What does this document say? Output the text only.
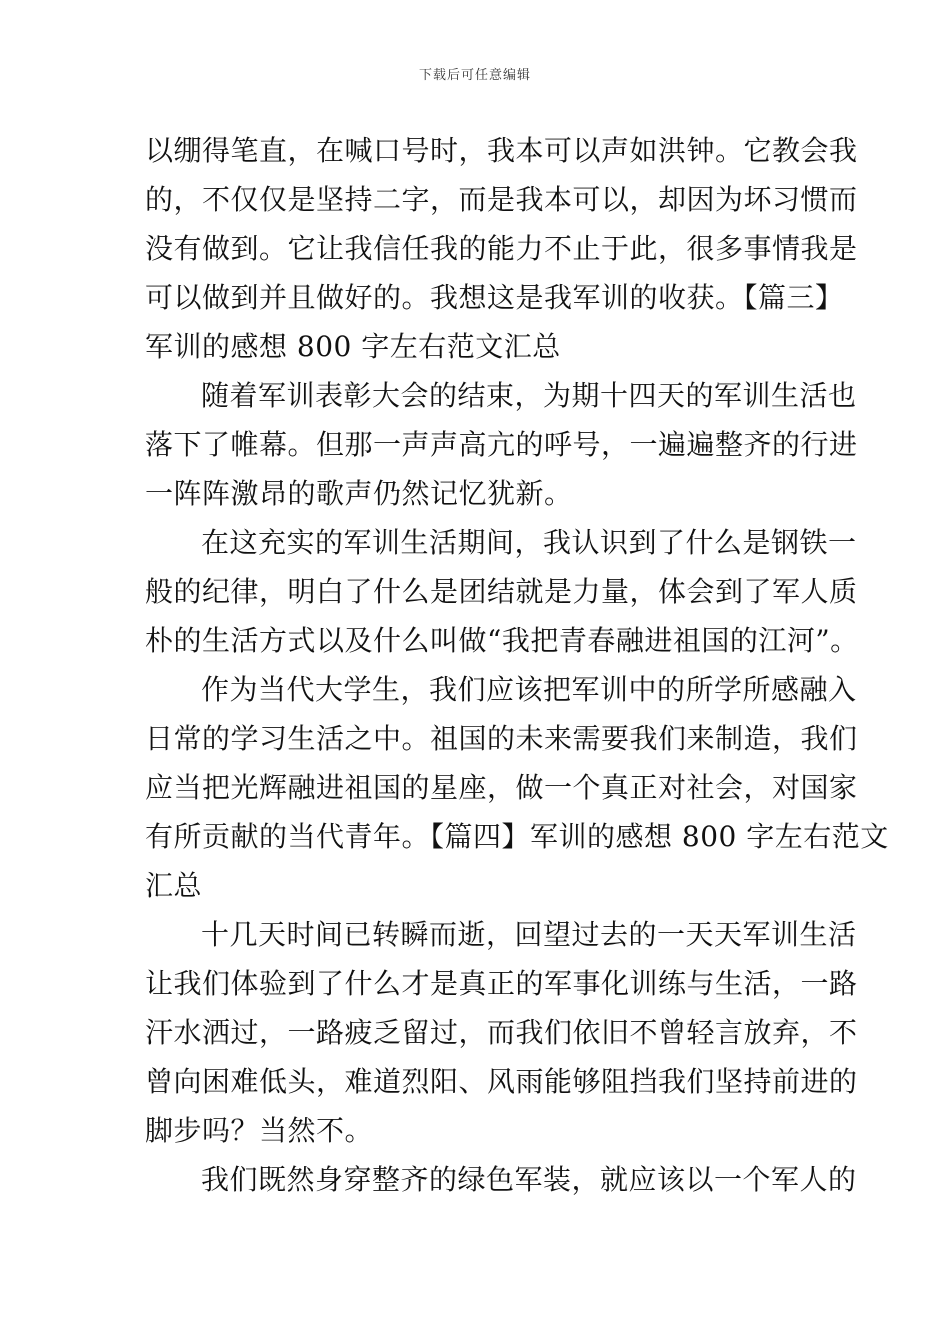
下载后可任意编辑
以绷得笔直，在喊口号时，我本可以声如洪钟。它教会我
的，不仅仅是坚持二字，而是我本可以，却因为坏习惯而
没有做到。它让我信任我的能力不止于此，很多事情我是
可以做到并且做好的。我想这是我军训的收获。【篇三】
军训的感想 800 字左右范文汇总
随着军训表彰大会的结束，为期十四天的军训生活也
落下了帷幕。但那一声声高亢的呼号，一遍遍整齐的行进
一阵阵激昂的歌声仍然记忆犹新。
在这充实的军训生活期间，我认识到了什么是钢铁一
般的纪律，明白了什么是团结就是力量，体会到了军人质
朴的生活方式以及什么叫做“我把青春融进祖国的江河”。
作为当代大学生，我们应该把军训中的所学所感融入
日常的学习生活之中。祖国的未来需要我们来制造，我们
应当把光辉融进祖国的星座，做一个真正对社会，对国家
有所贡献的当代青年。【篇四】军训的感想 800 字左右范文
汇总
十几天时间已转瞬而逝，回望过去的一天天军训生活
让我们体验到了什么才是真正的军事化训练与生活，一路
汗水洒过，一路疲乏留过，而我们依旧不曾轻言放弃，不
曾向困难低头，难道烈阳、风雨能够阻挡我们坚持前进的
脚步吗？当然不。
我们既然身穿整齐的绿色军装，就应该以一个军人的
